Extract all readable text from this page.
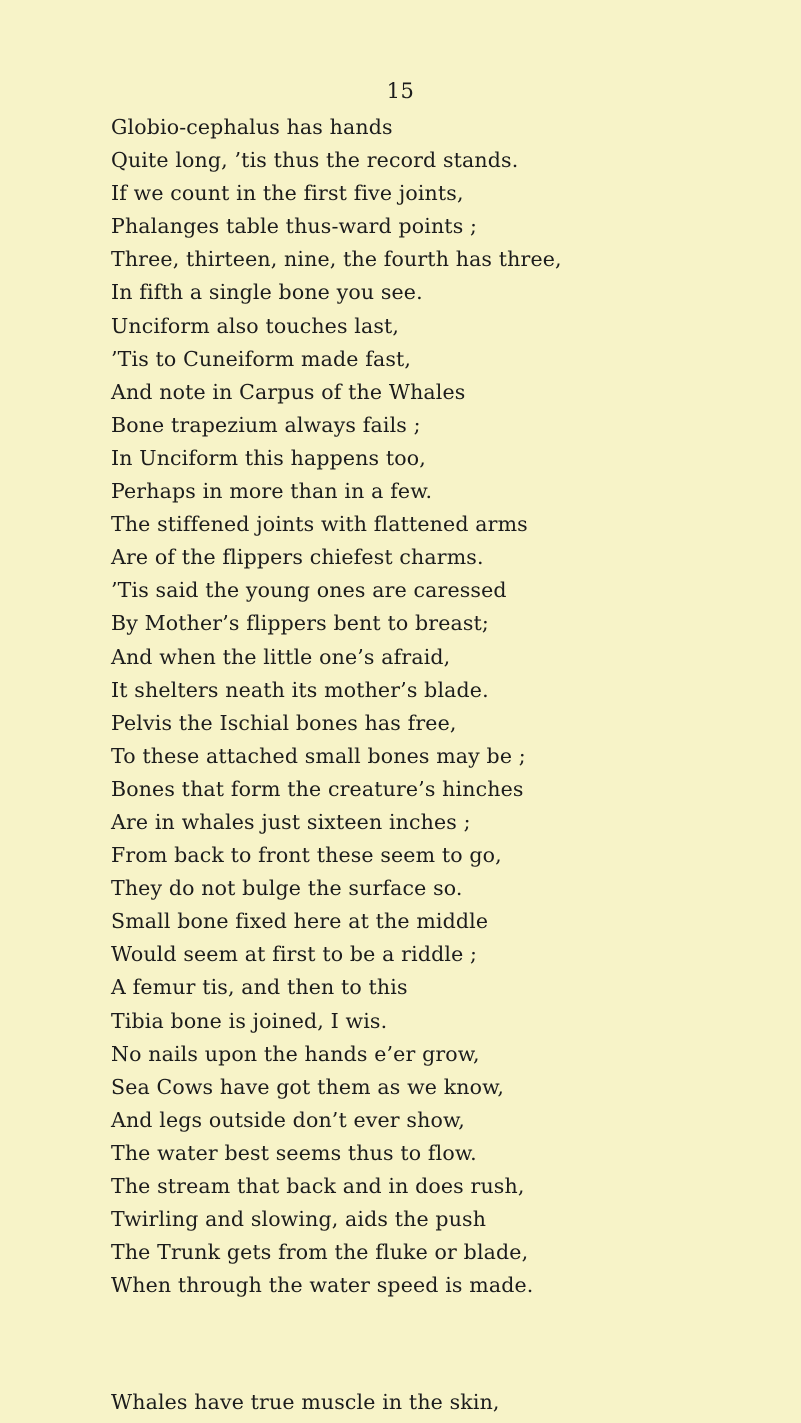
15
Globio-cephalus has hands
Quite long, ’tis thus the record stands.
If we count in the first five joints,
Phalanges table thus-ward points ;
Three, thirteen, nine, the fourth has three,
In fifth a single bone you see.
Unciform also touches last,
’Tis to Cuneiform made fast,
And note in Carpus of the Whales
Bone trapezium always fails ;
In Unciform this happens too,
Perhaps in more than in a few.
The stiffened joints with flattened arms
Are of the flippers chiefest charms.
’Tis said the young ones are caressed
By Mother’s flippers bent to breast;
And when the little one’s afraid,
It shelters neath its mother’s blade.
Pelvis the Ischial bones has free,
To these attached small bones may be ;
Bones that form the creature’s hinches
Are in whales just sixteen inches ;
From back to front these seem to go,
They do not bulge the surface so.
Small bone fixed here at the middle
Would seem at first to be a riddle ;
A femur tis, and then to this
Tibia bone is joined, I wis.
No nails upon the hands e’er grow,
Sea Cows have got them as we know,
And legs outside don’t ever show,
The water best seems thus to flow.
The stream that back and in does rush,
Twirling and slowing, aids the push
The Trunk gets from the fluke or blade,
When through the water speed is made.

Whales have true muscle in the skin,
